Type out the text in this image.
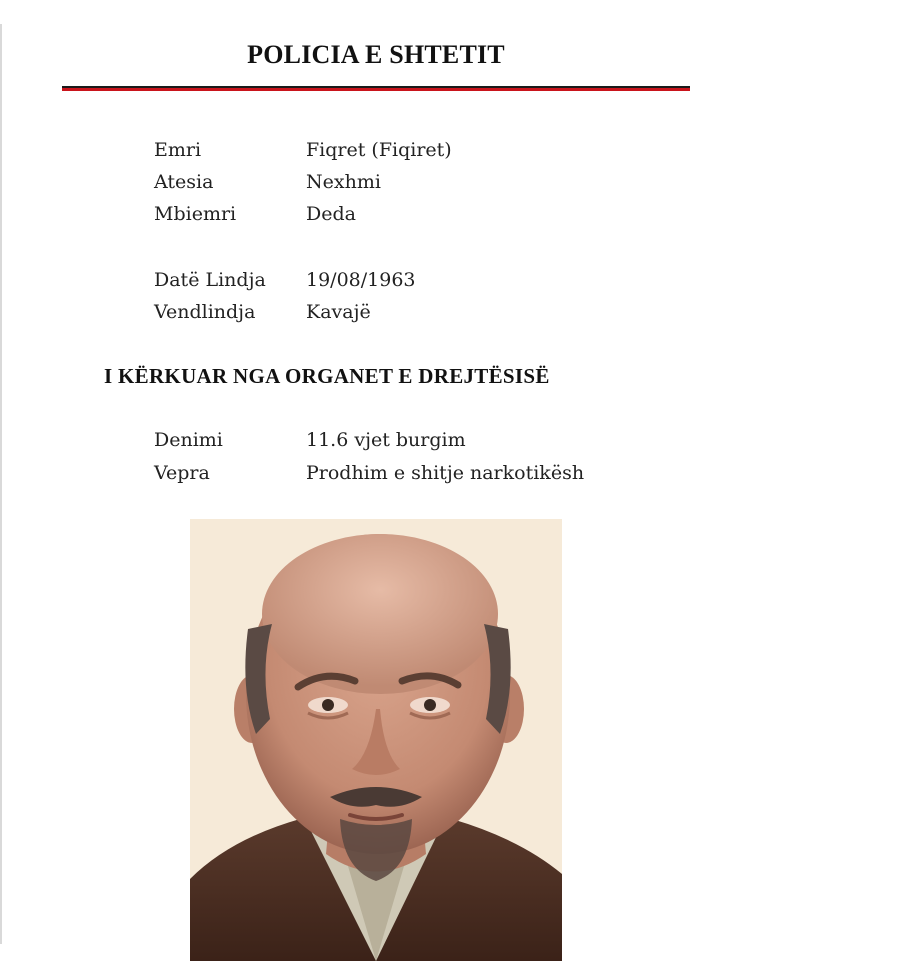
POLICIA E SHTETIT
Emri	Fiqret (Fiqiret)
Atesia	Nexhmi
Mbiemri	Deda
Datë Lindja 19/08/1963
Vendlindja	Kavajë
I KËRKUAR NGA ORGANET E DREJTËSISË
Denimi	11.6 vjet burgim
Vepra	Prodhim e shitje narkotikësh
